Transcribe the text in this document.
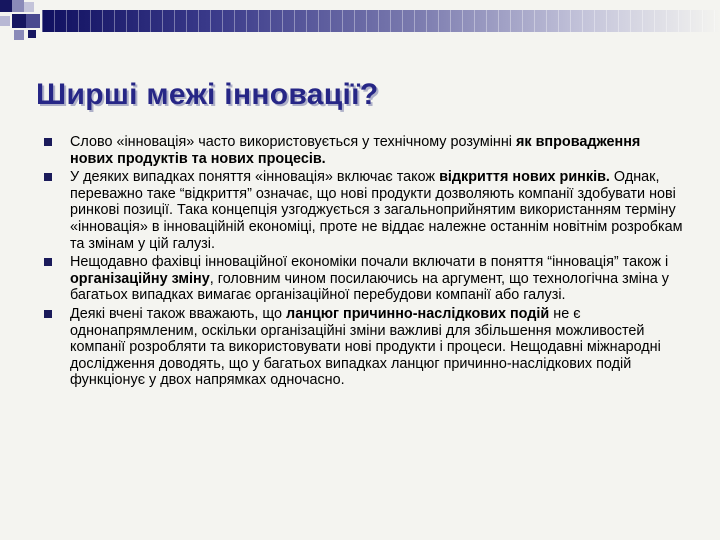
Ширші межі інновації?
Слово «інновація» часто використовується у технічному розумінні як впровадження нових продуктів та нових процесів.
У деяких випадках поняття «інновація» включає також відкриття нових ринків. Однак, переважно таке “відкриття” означає, що нові продукти дозволяють компанії здобувати нові ринкові позиції. Така концепція узгоджується з загальноприйнятим використанням терміну «інновація» в інноваційній економіці, проте не віддає належне останнім новітнім розробкам та змінам у цій галузі.
Нещодавно фахівці інноваційної економіки почали включати в поняття “інновація” також і організаційну зміну, головним чином посилаючись на аргумент, що технологічна зміна у багатьох випадках вимагає організаційної перебудови компанії або галузі.
Деякі вчені також вважають, що ланцюг причинно-наслідкових подій не є однонапрямленим, оскільки організаційні зміни важливі для збільшення можливостей компанії розробляти та використовувати нові продукти і процеси. Нещодавні міжнародні дослідження доводять, що у багатьох випадках ланцюг причинно-наслідкових подій функціонує у двох напрямках одночасно.
